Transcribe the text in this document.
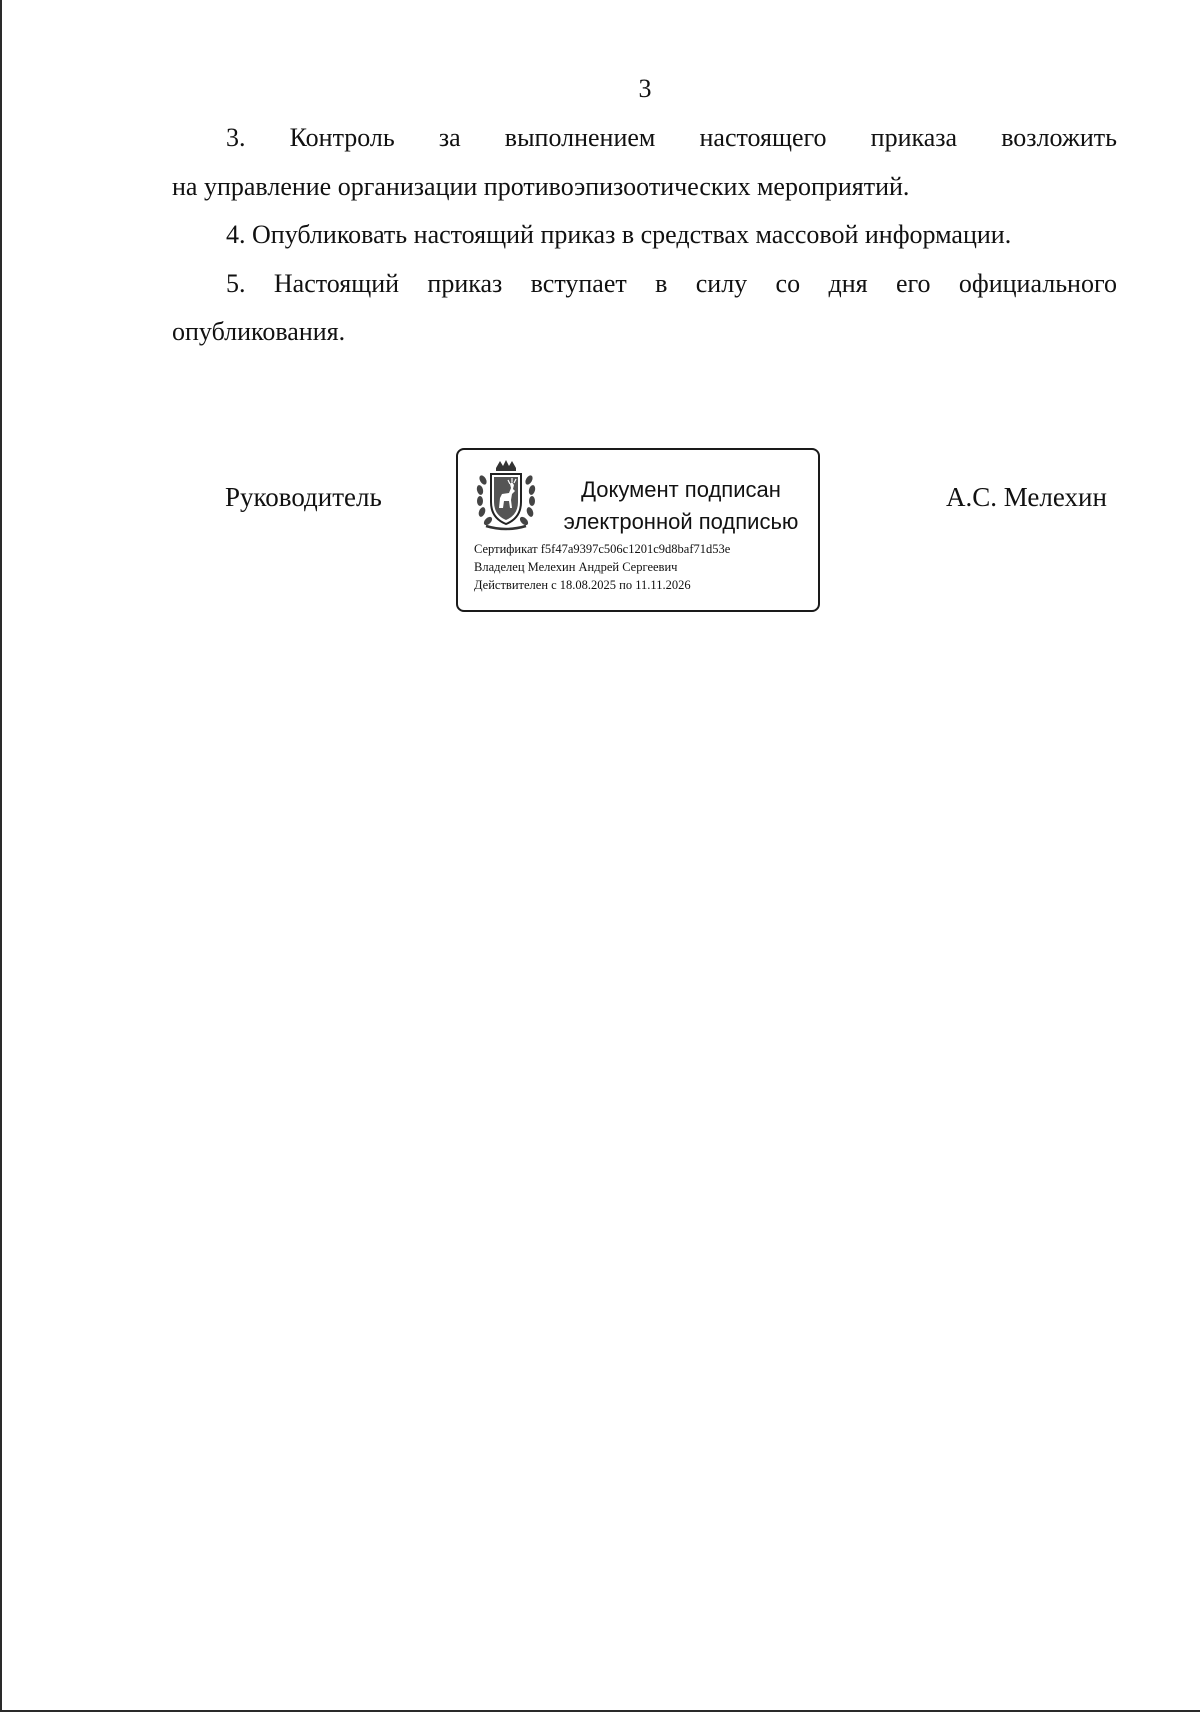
3

3. Контроль за выполнением настоящего приказа возложить
на управление организации противоэпизоотических мероприятий.

4. Опубликовать настоящий приказ в средствах массовой информации.

5. Настоящий приказ вступает в силу со дня его официального
опубликования.

Руководитель	Документ подписан
электронной подписью
Сертификат f5f47a9397c506c1201c9d8baf71d53e
Владелец Мелехин Андрей Сергеевич
Действителен с 18.08.2025 по 11.11.2026
А.С. Мелехин
